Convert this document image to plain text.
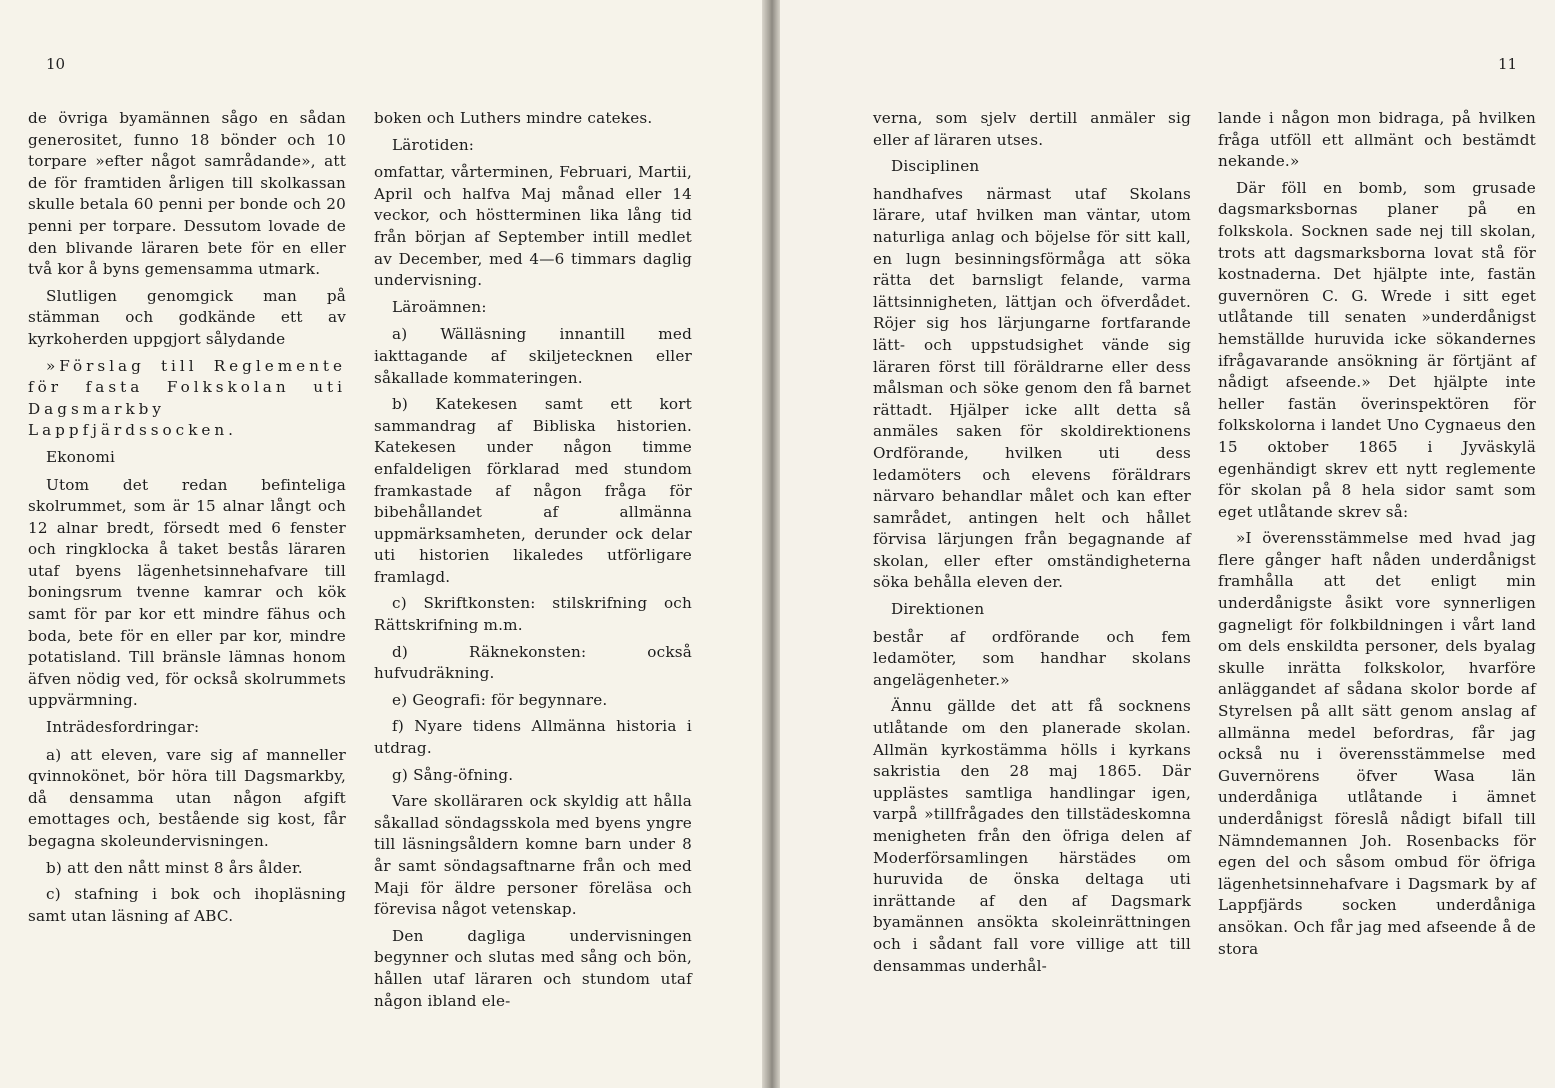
10

de övriga byamännen sågo en sådan generositet, funno 18 bönder och 10 torpare »efter något samrådande», att de för framtiden årligen till skolkassan skulle betala 60 penni per bonde och 20 penni per torpare. Dessutom lovade de den blivande läraren bete för en eller två kor å byns gemensamma utmark.

Slutligen genomgick man på stämman och godkände ett av kyrkoherden uppgjort sålydande

»Förslag till Reglemente för fasta Folkskolan uti Dagsmarkby Lappfjärdssocken.

Ekonomi

Utom det redan befinteliga skolrummet, som är 15 alnar långt och 12 alnar bredt, försedt med 6 fenster och ringklocka å taket bestås läraren utaf byens lägenhetsinnehafvare till boningsrum tvenne kamrar och kök samt för par kor ett mindre fähus och boda, bete för en eller par kor, mindre potatisland. Till bränsle lämnas honom äfven nödig ved, för också skolrummets uppvärmning.

Inträdesfordringar:

a) att eleven, vare sig af manneller qvinnokönet, bör höra till Dagsmarkby, då densamma utan någon afgift emottages och, bestående sig kost, får begagna skoleundervisningen.

b) att den nått minst 8 års ålder.

c) stafning i bok och ihopläsning samt utan läsning af ABC.

boken och Luthers mindre catekes.

Lärotiden:

omfattar, vårterminen, Februari, Martii, April och halfva Maj månad eller 14 veckor, och höstterminen lika lång tid från början af September intill medlet av December, med 4—6 timmars daglig undervisning.

Läroämnen:

a) Wälläsning innantill med iakttagande af skiljetecknen eller såkallade kommateringen.

b) Katekesen samt ett kort sammandrag af Bibliska historien. Katekesen under någon timme enfaldeligen förklarad med stundom framkastade af någon fråga för bibehållandet af allmänna uppmärksamheten, derunder ock delar uti historien likaledes utförligare framlagd.

c) Skriftkonsten: stilskrifning och Rättskrifning m.m.

d) Räknekonsten: också hufvudräkning.

e) Geografi: för begynnare.

f) Nyare tidens Allmänna historia i utdrag.

g) Sång-öfning.

Vare skolläraren ock skyldig att hålla såkallad söndagsskola med byens yngre till läsningsåldern komne barn under 8 år samt söndagsaftnarne från och med Maji för äldre personer föreläsa och förevisa något vetenskap.

Den dagliga undervisningen begynner och slutas med sång och bön, hållen utaf läraren och stundom utaf någon ibland ele-

11

verna, som sjelv dertill anmäler sig eller af läraren utses.

Disciplinen

handhafves närmast utaf Skolans lärare, utaf hvilken man väntar, utom naturliga anlag och böjelse för sitt kall, en lugn besinningsförmåga att söka rätta det barnsligt felande, varma lättsinnigheten, lättjan och öfverdådet. Röjer sig hos lärjungarne fortfarande lätt- och uppstudsighet vände sig läraren först till föräldrarne eller dess målsman och söke genom den få barnet rättadt. Hjälper icke allt detta så anmäles saken för skoldirektionens Ordförande, hvilken uti dess ledamöters och elevens föräldrars närvaro behandlar målet och kan efter samrådet, antingen helt och hållet förvisa lärjungen från begagnande af skolan, eller efter omständigheterna söka behålla eleven der.

Direktionen

består af ordförande och fem ledamöter, som handhar skolans angelägenheter.»

Ännu gällde det att få socknens utlåtande om den planerade skolan. Allmän kyrkostämma hölls i kyrkans sakristia den 28 maj 1865. Där upplästes samtliga handlingar igen, varpå »tillfrågades den tillstädeskomna menigheten från den öfriga delen af Moderförsamlingen härstädes om huruvida de önska deltaga uti inrättande af den af Dagsmark byamännen ansökta skoleinrättningen och i sådant fall vore villige att till densammas underhål-

lande i någon mon bidraga, på hvilken fråga utföll ett allmänt och bestämdt nekande.»

Där föll en bomb, som grusade dagsmarksbornas planer på en folkskola. Socknen sade nej till skolan, trots att dagsmarksborna lovat stå för kostnaderna. Det hjälpte inte, fastän guvernören C. G. Wrede i sitt eget utlåtande till senaten »underdånigst hemställde huruvida icke sökandernes ifrågavarande ansökning är förtjänt af nådigt afseende.» Det hjälpte inte heller fastän överinspektören för folkskolorna i landet Uno Cygnaeus den 15 oktober 1865 i Jyväskylä egenhändigt skrev ett nytt reglemente för skolan på 8 hela sidor samt som eget utlåtande skrev så:

»I överensstämmelse med hvad jag flere gånger haft nåden underdånigst framhålla att det enligt min underdånigste åsikt vore synnerligen gagneligt för folkbildningen i vårt land om dels enskildta personer, dels byalag skulle inrätta folkskolor, hvarföre anläggandet af sådana skolor borde af Styrelsen på allt sätt genom anslag af allmänna medel befordras, får jag också nu i överensstämmelse med Guvernörens öfver Wasa län underdåniga utlåtande i ämnet underdånigst föreslå nådigt bifall till Nämndemannen Joh. Rosenbacks för egen del och såsom ombud för öfriga lägenhetsinnehafvare i Dagsmark by af Lappfjärds socken underdåniga ansökan. Och får jag med afseende å de stora
